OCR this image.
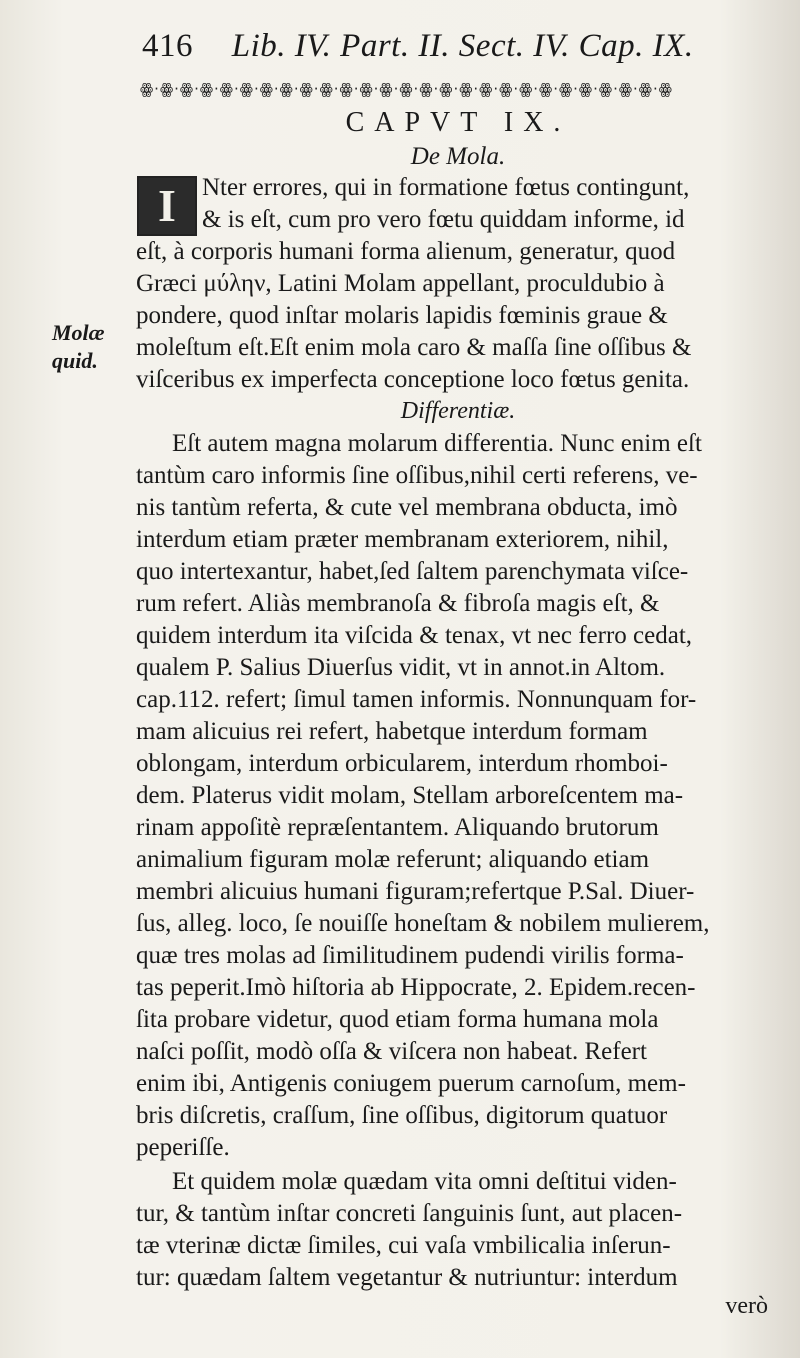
416 Lib. IV. Part. II. Sect. IV. Cap. IX.
ꙮ·ꙮ·ꙮ·ꙮ·ꙮ·ꙮ·ꙮ·ꙮ·ꙮ·ꙮ·ꙮ·ꙮ·ꙮ·ꙮ·ꙮ·ꙮ·ꙮ·ꙮ·ꙮ·ꙮ·ꙮ·ꙮ·ꙮ·ꙮ·ꙮ·ꙮ·ꙮ
CAPVT IX.
De Mola.
I	Nter errores, qui in formatione fœtus contingunt,
& is eſt, cum pro vero fœtu quiddam informe, id
eſt, à corporis humani forma alienum, generatur, quod
Græci μύλην, Latini Molam appellant, proculdubio à
pondere, quod inſtar molaris lapidis fœminis graue &
moleſtum eſt.Eſt enim mola caro & maſſa ſine oſſibus &
viſceribus ex imperfecta conceptione loco fœtus genita.
Molæ
quid.
Differentiæ.
Eſt autem magna molarum differentia. Nunc enim eſt
tantùm caro informis ſine oſſibus,nihil certi referens, ve-
nis tantùm referta, & cute vel membrana obducta, imò
interdum etiam præter membranam exteriorem, nihil,
quo intertexantur, habet,ſed ſaltem parenchymata viſce-
rum refert. Aliàs membranoſa & fibroſa magis eſt, &
quidem interdum ita viſcida & tenax, vt nec ferro cedat,
qualem P. Salius Diuerſus vidit, vt in annot.in Altom.
cap.112. refert; ſimul tamen informis. Nonnunquam for-
mam alicuius rei refert, habetque interdum formam
oblongam, interdum orbicularem, interdum rhomboi-
dem. Platerus vidit molam, Stellam arboreſcentem ma-
rinam appoſitè repræſentantem. Aliquando brutorum
animalium figuram molæ referunt; aliquando etiam
membri alicuius humani figuram;refertque P.Sal. Diuer-
ſus, alleg. loco, ſe nouiſſe honeſtam & nobilem mulierem,
quæ tres molas ad ſimilitudinem pudendi virilis forma-
tas peperit.Imò hiſtoria ab Hippocrate, 2. Epidem.recen-
ſita probare videtur, quod etiam forma humana mola
naſci poſſit, modò oſſa & viſcera non habeat. Refert
enim ibi, Antigenis coniugem puerum carnoſum, mem-
bris diſcretis, craſſum, ſine oſſibus, digitorum quatuor
peperiſſe.
Et quidem molæ quædam vita omni deſtitui viden-
tur, & tantùm inſtar concreti ſanguinis ſunt, aut placen-
tæ vterinæ dictæ ſimiles, cui vaſa vmbilicalia inſerun-
tur: quædam ſaltem vegetantur & nutriuntur: interdum
verò
